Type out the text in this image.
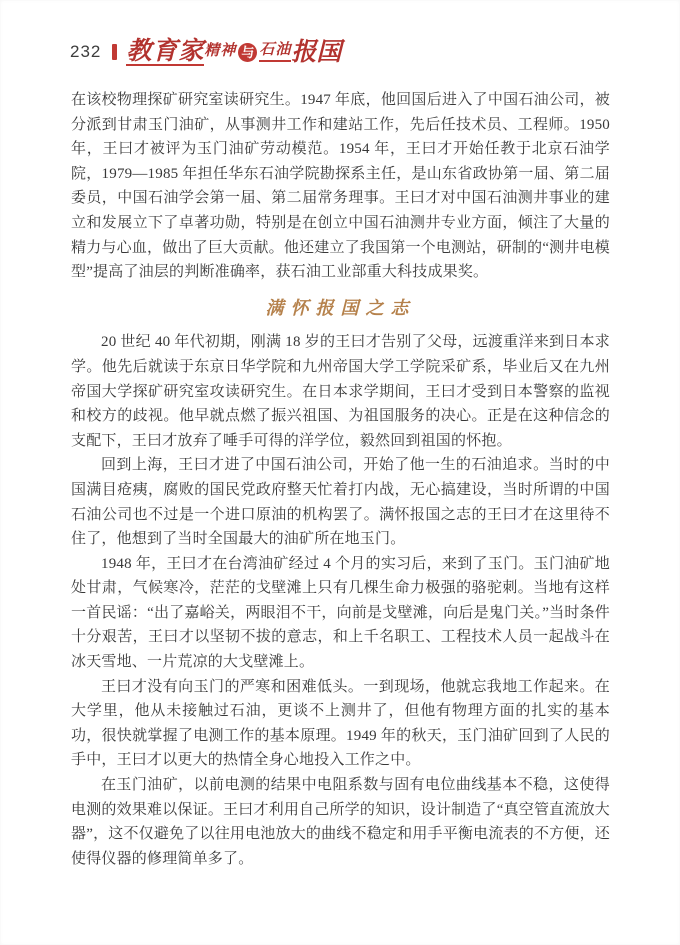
232 教育家 精神 与 石油 报国

在该校物理探矿研究室读研究生。1947 年底，他回国后进入了中国石油公司，被分派到甘肃玉门油矿，从事测井工作和建站工作，先后任技术员、工程师。1950 年，王曰才被评为玉门油矿劳动模范。1954 年，王曰才开始任教于北京石油学院，1979—1985 年担任华东石油学院勘探系主任，是山东省政协第一届、第二届委员，中国石油学会第一届、第二届常务理事。王曰才对中国石油测井事业的建立和发展立下了卓著功勋，特别是在创立中国石油测井专业方面，倾注了大量的精力与心血，做出了巨大贡献。他还建立了我国第一个电测站，研制的“测井电模型”提高了油层的判断准确率，获石油工业部重大科技成果奖。

满怀报国之志

20 世纪 40 年代初期，刚满 18 岁的王曰才告别了父母，远渡重洋来到日本求学。他先后就读于东京日华学院和九州帝国大学工学院采矿系，毕业后又在九州帝国大学探矿研究室攻读研究生。在日本求学期间，王曰才受到日本警察的监视和校方的歧视。他早就点燃了振兴祖国、为祖国服务的决心。正是在这种信念的支配下，王曰才放弃了唾手可得的洋学位，毅然回到祖国的怀抱。

回到上海，王曰才进了中国石油公司，开始了他一生的石油追求。当时的中国满目疮痍，腐败的国民党政府整天忙着打内战，无心搞建设，当时所谓的中国石油公司也不过是一个进口原油的机构罢了。满怀报国之志的王曰才在这里待不住了，他想到了当时全国最大的油矿所在地玉门。

1948 年，王曰才在台湾油矿经过 4 个月的实习后，来到了玉门。玉门油矿地处甘肃，气候寒冷，茫茫的戈壁滩上只有几棵生命力极强的骆驼刺。当地有这样一首民谣：“出了嘉峪关，两眼泪不干，向前是戈壁滩，向后是鬼门关。”当时条件十分艰苦，王曰才以坚韧不拔的意志，和上千名职工、工程技术人员一起战斗在冰天雪地、一片荒凉的大戈壁滩上。

王曰才没有向玉门的严寒和困难低头。一到现场，他就忘我地工作起来。在大学里，他从未接触过石油，更谈不上测井了，但他有物理方面的扎实的基本功，很快就掌握了电测工作的基本原理。1949 年的秋天，玉门油矿回到了人民的手中，王曰才以更大的热情全身心地投入工作之中。

在玉门油矿，以前电测的结果中电阻系数与固有电位曲线基本不稳，这使得电测的效果难以保证。王曰才利用自己所学的知识，设计制造了“真空管直流放大器”，这不仅避免了以往用电池放大的曲线不稳定和用手平衡电流表的不方便，还使得仪器的修理简单多了。
